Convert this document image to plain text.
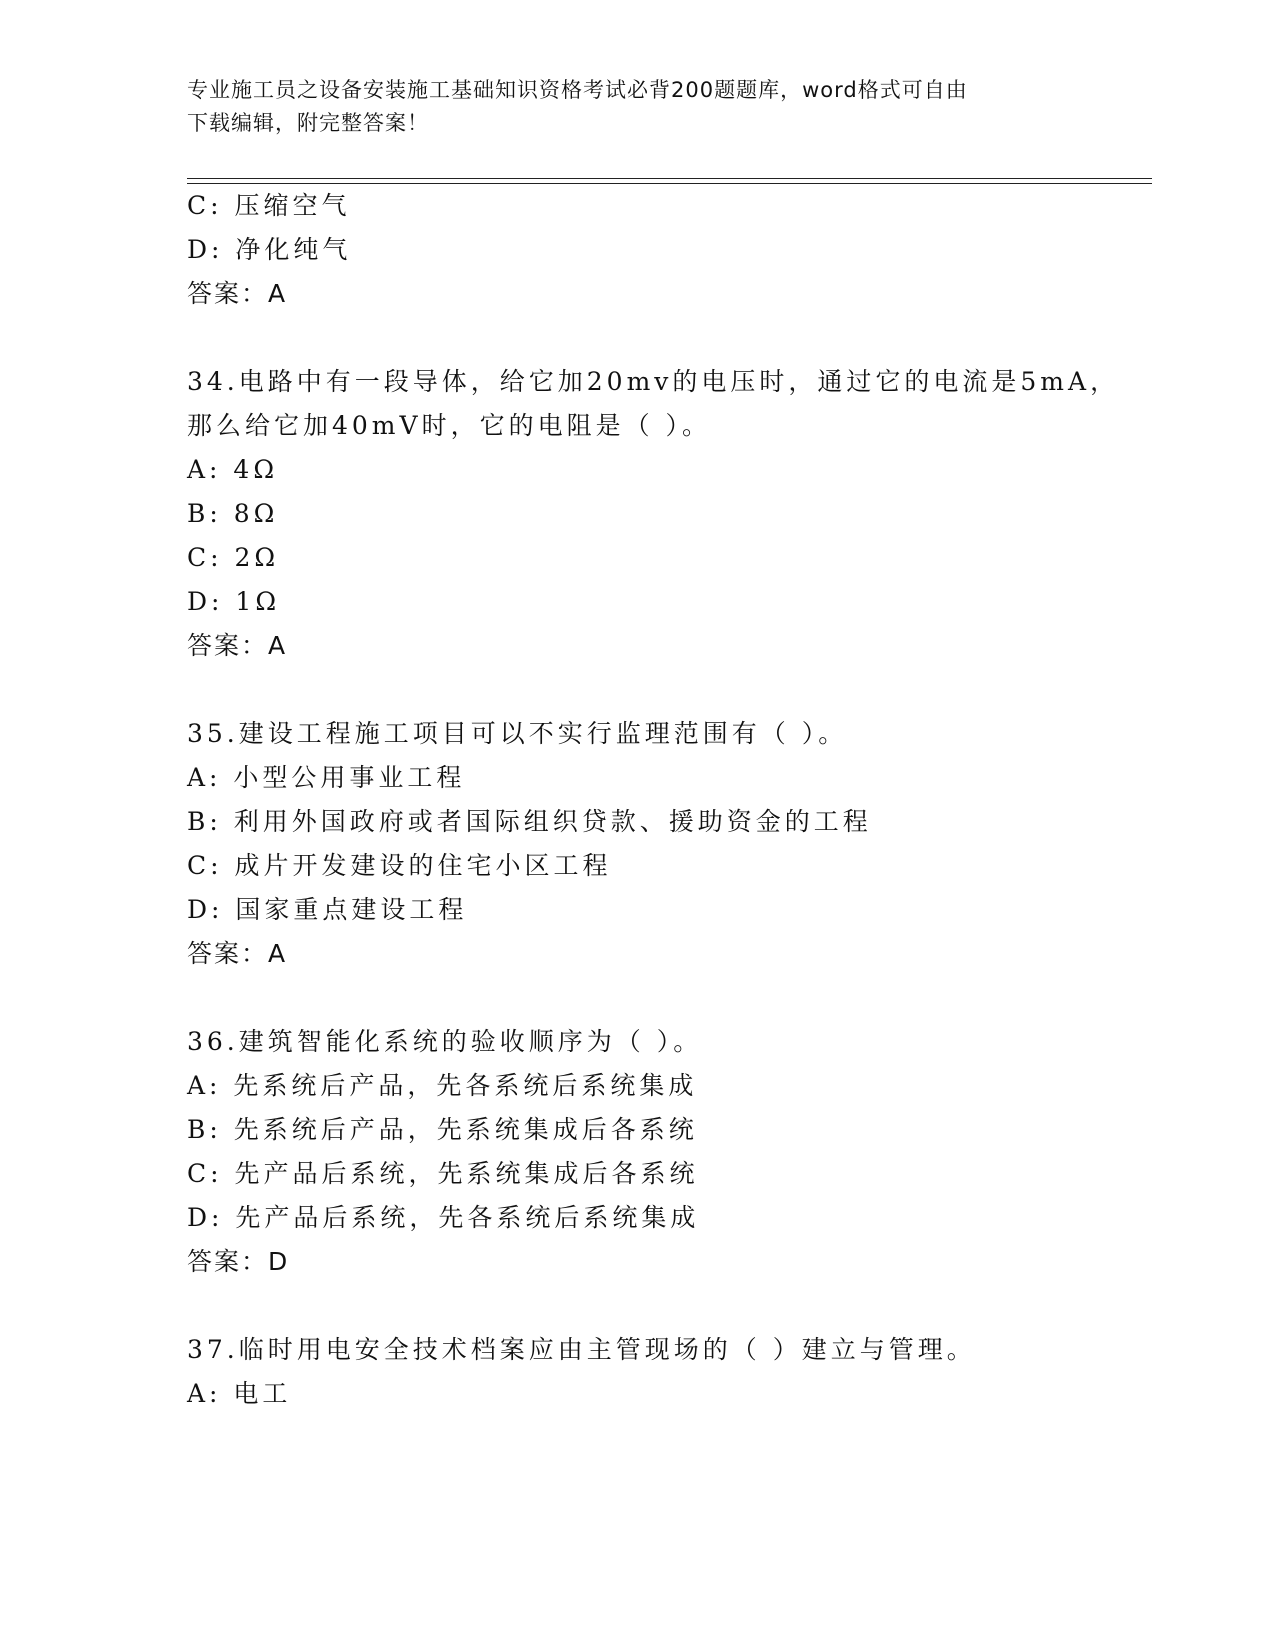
专业施工员之设备安装施工基础知识资格考试必背200题题库，word格式可自由
下载编辑，附完整答案！
C: 压缩空气
D: 净化纯气
答案：A
34.电路中有一段导体，给它加20mv的电压时，通过它的电流是5mA，
那么给它加40mV时，它的电阻是（ ）。
A: 4Ω
B: 8Ω
C: 2Ω
D: 1Ω
答案：A
35.建设工程施工项目可以不实行监理范围有（ ）。
A: 小型公用事业工程
B: 利用外国政府或者国际组织贷款、援助资金的工程
C: 成片开发建设的住宅小区工程
D: 国家重点建设工程
答案：A
36.建筑智能化系统的验收顺序为（ ）。
A: 先系统后产品，先各系统后系统集成
B: 先系统后产品，先系统集成后各系统
C: 先产品后系统，先系统集成后各系统
D: 先产品后系统，先各系统后系统集成
答案：D
37.临时用电安全技术档案应由主管现场的（ ）建立与管理。
A: 电工
